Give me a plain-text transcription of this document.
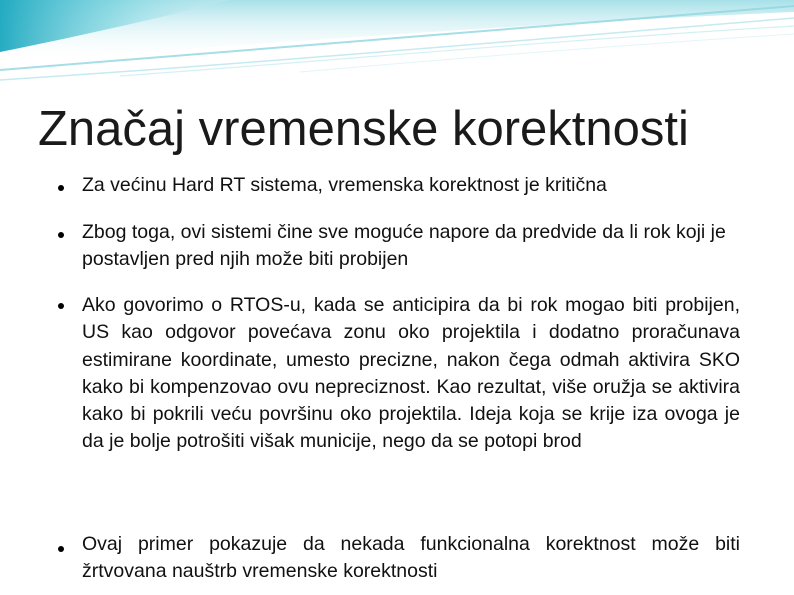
Značaj vremenske korektnosti
Za većinu Hard RT sistema, vremenska korektnost je kritična
Zbog toga, ovi sistemi čine sve moguće napore da predvide da li rok koji je postavljen pred njih može biti probijen
Ako govorimo o RTOS-u, kada se anticipira da bi rok mogao biti probijen, US kao odgovor povećava zonu oko projektila i dodatno proračunava estimirane koordinate, umesto precizne, nakon čega odmah aktivira SKO kako bi kompenzovao ovu nepreciznost. Kao rezultat, više oružja se aktivira kako bi pokrili veću površinu oko projektila. Ideja koja se krije iza ovoga je da je bolje potrošiti višak municije, nego da se potopi brod
Ovaj primer pokazuje da nekada funkcionalna korektnost može biti žrtvovana nauštrb vremenske korektnosti
